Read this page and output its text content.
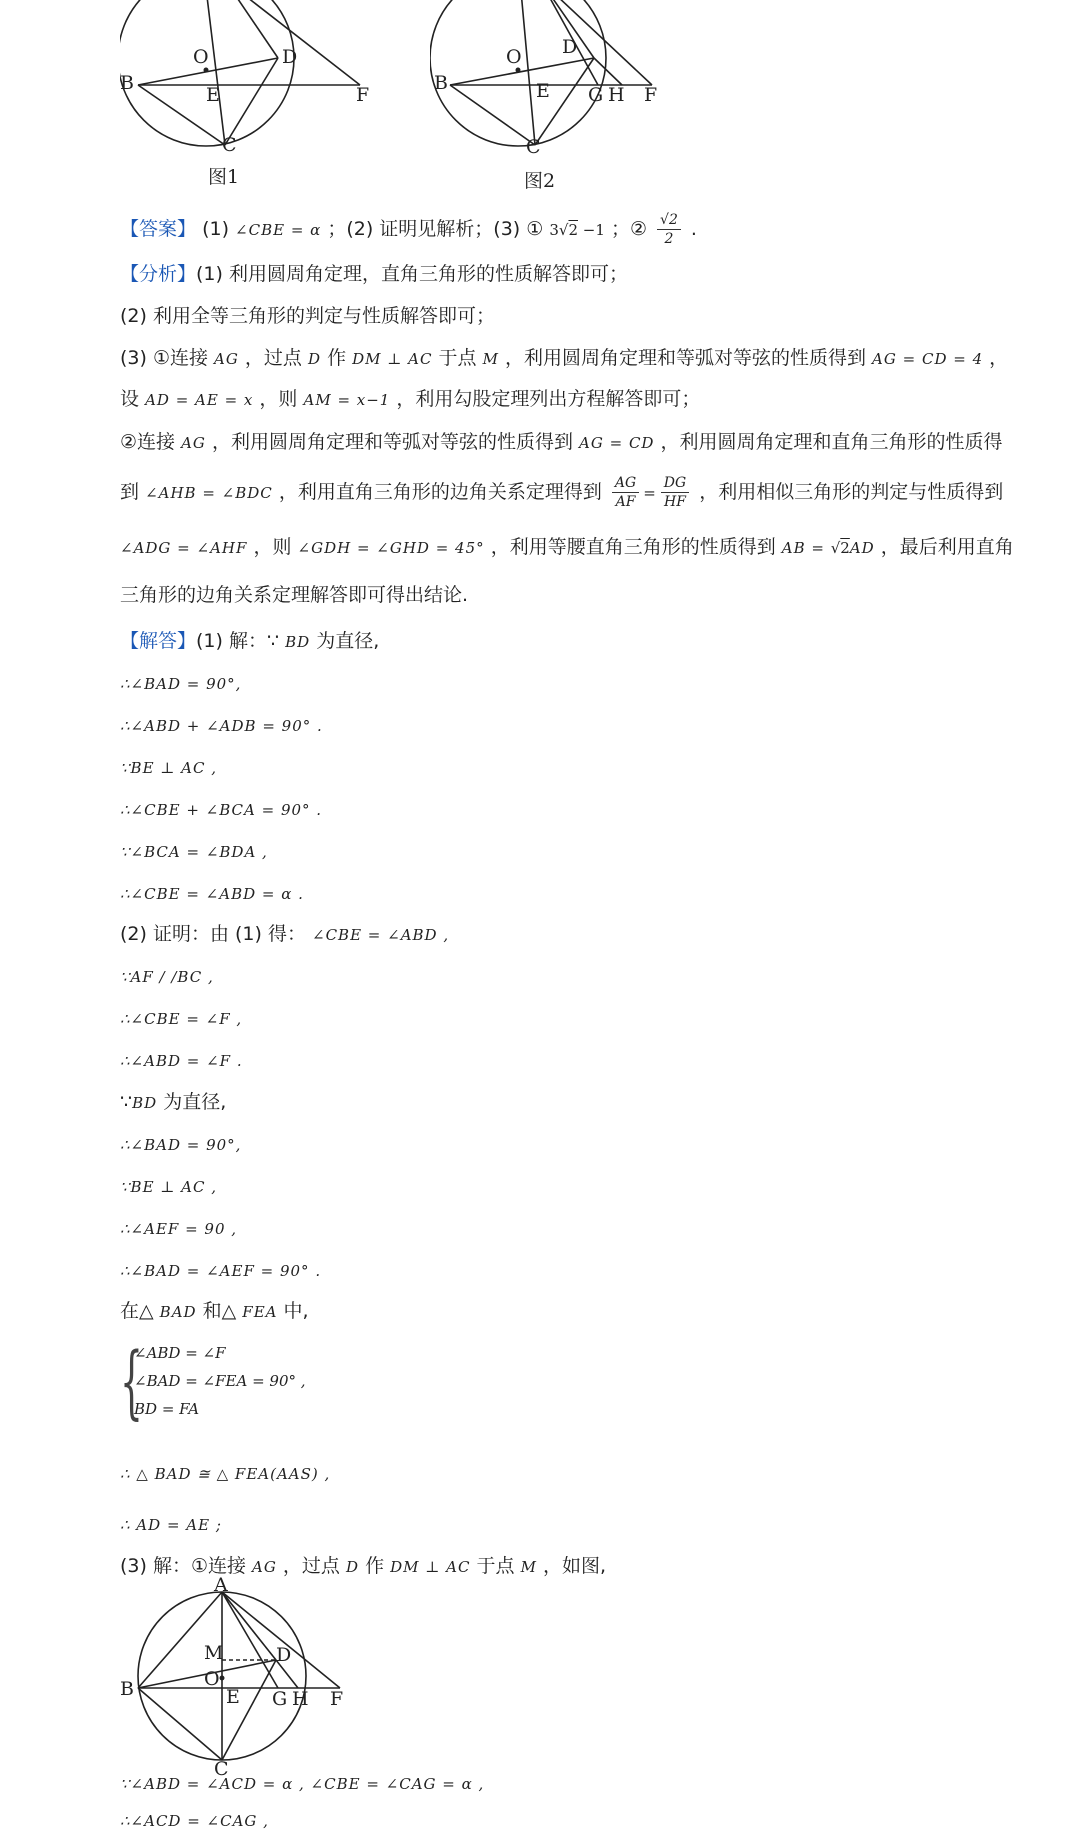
O	D
B
E	F
C
图1
O D
B	E G H F
C
图2
【答案】 (1) ∠CBE = α ；(2) 证明见解析；(3) ① 3√2 −1 ；② $\frac{√2}{2}$ .
【分析】(1) 利用圆周角定理，直角三角形的性质解答即可；
(2) 利用全等三角形的判定与性质解答即可；
(3) ①连接 AG ，过点 D 作 DM ⊥ AC 于点 M ，利用圆周角定理和等弧对等弦的性质得到 AG = CD = 4 ，
设 AD = AE = x ，则 AM = x−1 ，利用勾股定理列出方程解答即可；
②连接 AG ，利用圆周角定理和等弧对等弦的性质得到 AG = CD ，利用圆周角定理和直角三角形的性质得
到 ∠AHB = ∠BDC ，利用直角三角形的边角关系定理得到 $\frac{AG}{AF} = \frac{DG}{HF}$ ，利用相似三角形的判定与性质得到
∠ADG = ∠AHF ，则 ∠GDH = ∠GHD = 45° ，利用等腰直角三角形的性质得到 AB = √2AD ，最后利用直角
三角形的边角关系定理解答即可得出结论.
【解答】(1) 解：∵ BD 为直径,
∴∠BAD = 90°,
∴∠ABD + ∠ADB = 90° .
∵BE ⊥ AC ,
∴∠CBE + ∠BCA = 90° .
∵∠BCA = ∠BDA ,
∴∠CBE = ∠ABD = α .
(2) 证明：由 (1) 得： ∠CBE = ∠ABD ,
∵AF / /BC ,
∴∠CBE = ∠F ,
∴∠ABD = ∠F .
∵BD 为直径,
∴∠BAD = 90°,
∵BE ⊥ AC ,
∴∠AEF = 90 ,
∴∠BAD = ∠AEF = 90° .
在△ BAD 和△ FEA 中,
{
∠ABD = ∠F
∠BAD = ∠FEA = 90° ,
BD = FA
∴ △ BAD ≅ △ FEA(AAS) ,
∴ AD = AE ;
(3) 解：①连接 AG ，过点 D 作 DM ⊥ AC 于点 M ，如图,
A
M	D
B	O
E G H F
C
∵∠ABD = ∠ACD = α , ∠CBE = ∠CAG = α ,
∴∠ACD = ∠CAG ,
